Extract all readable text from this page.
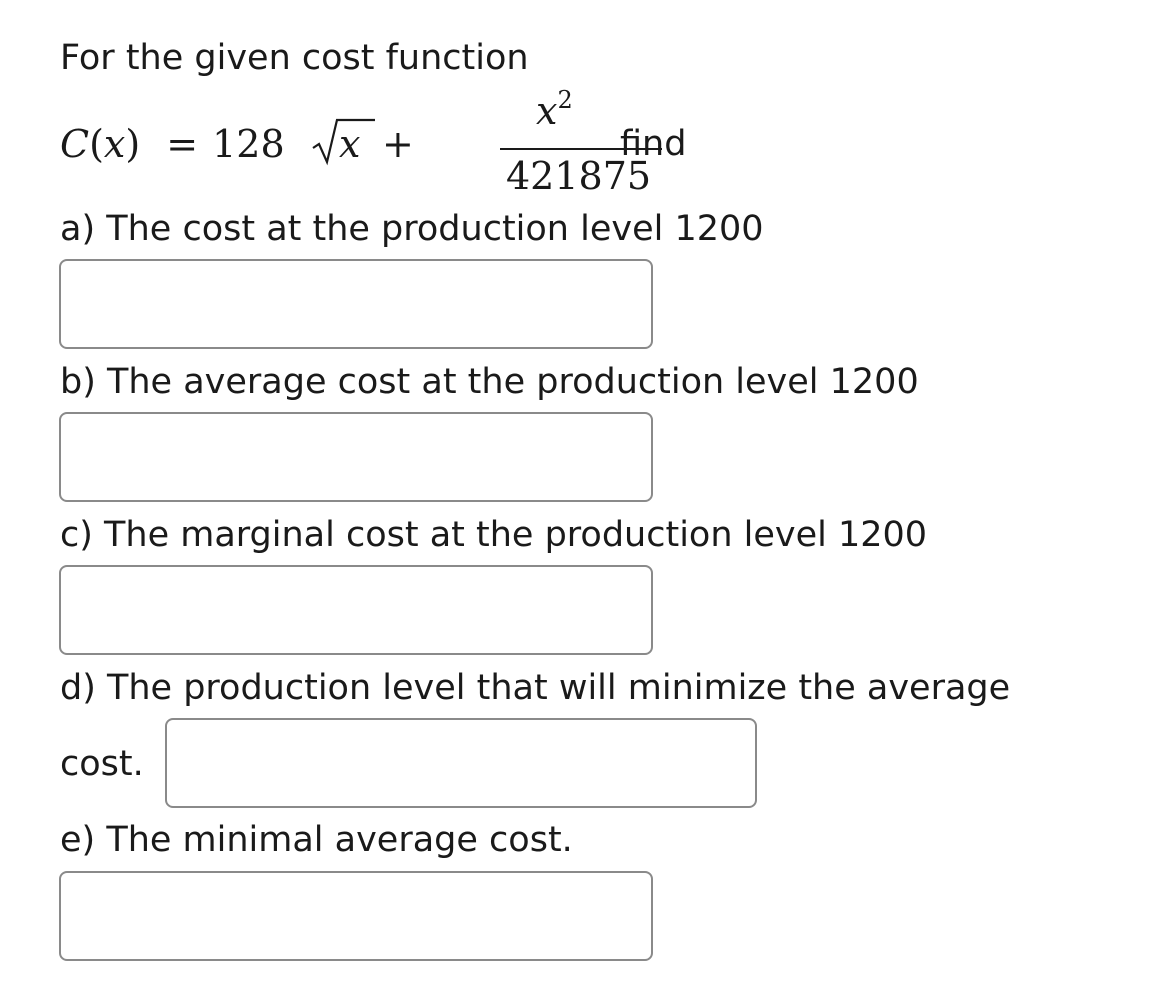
For the given cost function
C(x) = 128 x +
$x^2$
421875
find
a) The cost at the production level 1200
b) The average cost at the production level 1200
c) The marginal cost at the production level 1200
d) The production level that will minimize the average
cost.
e) The minimal average cost.
